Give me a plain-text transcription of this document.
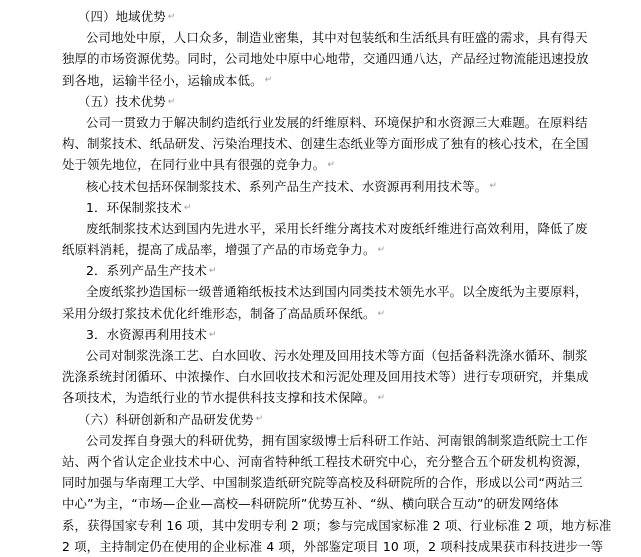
（四）地域优势 ↵
公司地处中原，人口众多，制造业密集，其中对包装纸和生活纸具有旺盛的需求，具有得天
独厚的市场资源优势。同时，公司地处中原中心地带，交通四通八达，产品经过物流能迅速投放
到各地，运输半径小，运输成本低。 ↵
（五）技术优势 ↵
公司一贯致力于解决制约造纸行业发展的纤维原料、环境保护和水资源三大难题。在原料结
构、制浆技术、纸品研发、污染治理技术、创建生态纸业等方面形成了独有的核心技术，在全国
处于领先地位，在同行业中具有很强的竞争力。 ↵
核心技术包括环保制浆技术、系列产品生产技术、水资源再利用技术等。 ↵
1．环保制浆技术 ↵
废纸制浆技术达到国内先进水平，采用长纤维分离技术对废纸纤维进行高效利用，降低了废
纸原料消耗，提高了成品率，增强了产品的市场竞争力。 ↵
2．系列产品生产技术 ↵
全废纸浆抄造国标一级普通箱纸板技术达到国内同类技术领先水平。以全废纸为主要原料，
采用分级打浆技术优化纤维形态，制备了高品质环保纸。 ↵
3．水资源再利用技术 ↵
公司对制浆洗涤工艺、白水回收、污水处理及回用技术等方面（包括备料洗涤水循环、制浆
洗涤系统封闭循环、中浓操作、白水回收技术和污泥处理及回用技术等）进行专项研究，并集成
各项技术，为造纸行业的节水提供科技支撑和技术保障。 ↵
（六）科研创新和产品研发优势 ↵
公司发挥自身强大的科研优势，拥有国家级博士后科研工作站、河南银鸽制浆造纸院士工作
站、两个省认定企业技术中心、河南省特种纸工程技术研究中心，充分整合五个研发机构资源，
同时加强与华南理工大学、中国制浆造纸研究院等高校及科研院所的合作，形成以公司“两站三
中心”为主，“市场—企业—高校—科研院所”优势互补、“纵、横向联合互动”的研发网络体
系，获得国家专利 16 项，其中发明专利 2 项；参与完成国家标准 2 项、行业标准 2 项，地方标准
2 项，主持制定仍在使用的企业标准 4 项，外部鉴定项目 10 项，2 项科技成果获市科技进步一等
